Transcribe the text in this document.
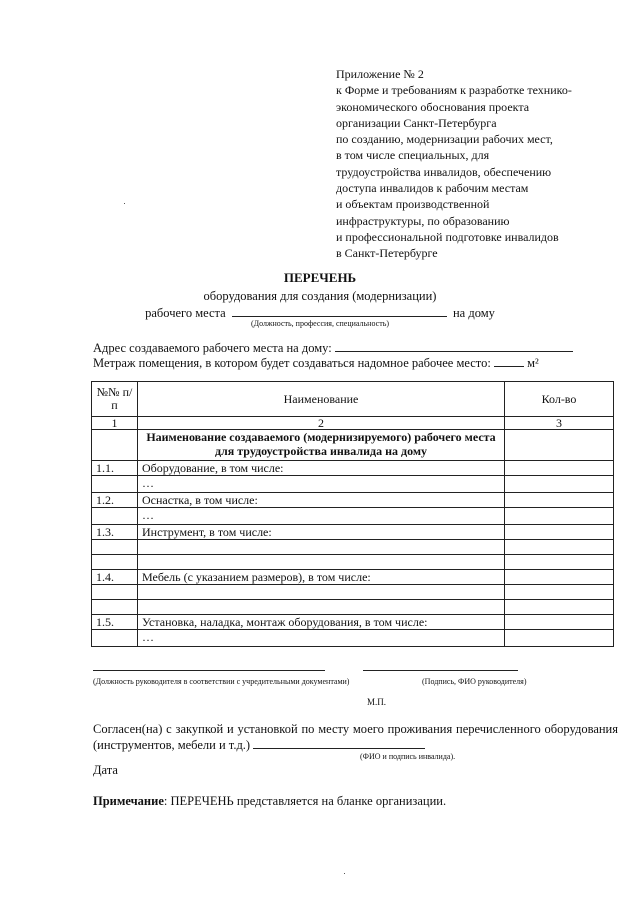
Приложение № 2
к Форме и требованиям к разработке технико-
экономического обоснования проекта
организации Санкт-Петербурга
по созданию, модернизации рабочих мест,
в том числе специальных, для
трудоустройства инвалидов, обеспечению
доступа инвалидов к рабочим местам
и объектам производственной
инфраструктуры, по образованию
и профессиональной подготовке инвалидов
в Санкт-Петербурге
ПЕРЕЧЕНЬ
оборудования для создания (модернизации)
рабочего места	на дому
(Должность, профессия, специальность)
Адрес создаваемого рабочего места на дому:
Метраж помещения, в котором будет создаваться надомное рабочее место:	м²
№№ п/п	Наименование	Кол-во
1	2	3
	Наименование создаваемого (модернизируемого) рабочего места для трудоустройства инвалида на дому	
1.1.	Оборудование, в том числе:	
	…	
1.2.	Оснастка, в том числе:	
	…	
1.3.	Инструмент, в том числе:	

1.4.	Мебель (с указанием размеров), в том числе:	

1.5.	Установка, наладка, монтаж оборудования, в том числе:	
	…	
(Должность руководителя в соответствии с учредительными документами)	(Подпись, ФИО руководителя)
М.П.
Согласен(на) с закупкой и установкой по месту моего проживания перечисленного оборудования (инструментов, мебели и т.д.)
(ФИО и подпись инвалида).
Дата
Примечание: ПЕРЕЧЕНЬ представляется на бланке организации.
